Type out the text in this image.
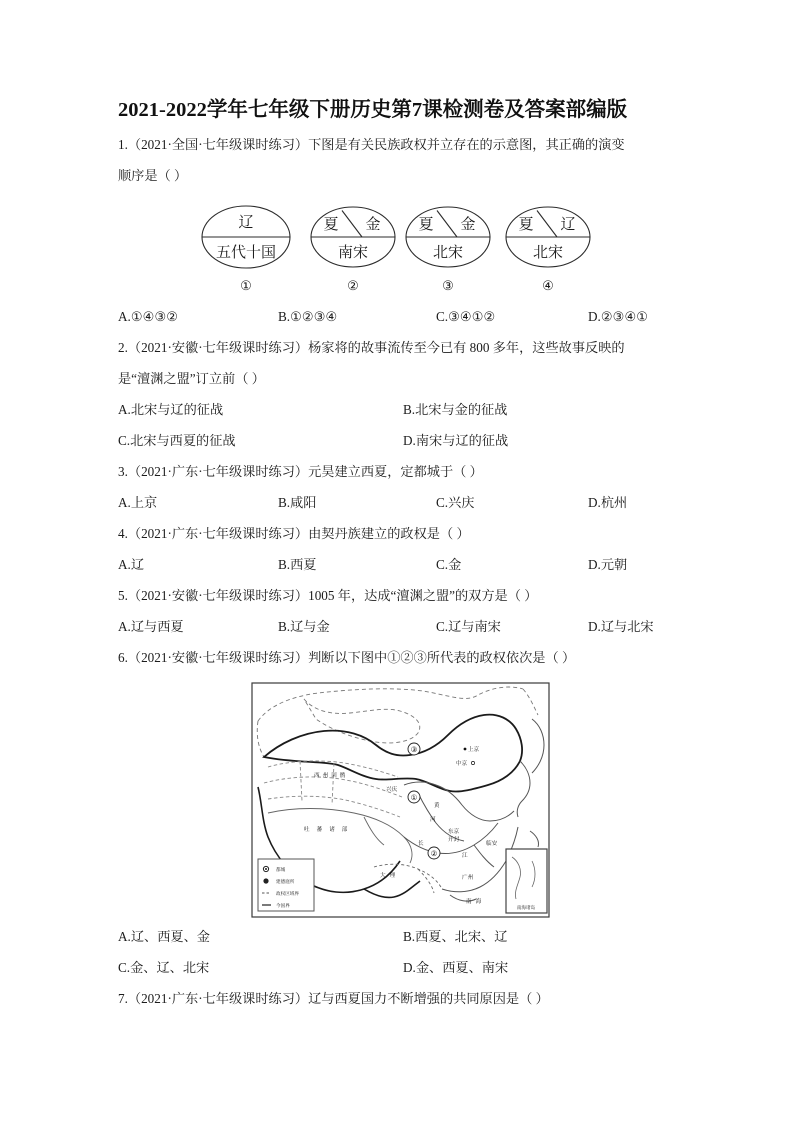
2021-2022学年七年级下册历史第7课检测卷及答案部编版
1.（2021·全国·七年级课时练习）下图是有关民族政权并立存在的示意图，其正确的演变
顺序是（ ）
辽
五代十国
夏 金
南宋
夏 金
北宋
夏 辽
北宋
①	②	③	④
A.①④③②	B.①②③④	C.③④①②	D.②③④①
2.（2021·安徽·七年级课时练习）杨家将的故事流传至今已有 800 多年，这些故事反映的
是“澶渊之盟”订立前（ ）
A.北宋与辽的征战	B.北宋与金的征战
C.北宋与西夏的征战	D.南宋与辽的征战
3.（2021·广东·七年级课时练习）元昊建立西夏，定都城于（ ）
A.上京	B.咸阳	C.兴庆	D.杭州
4.（2021·广东·七年级课时练习）由契丹族建立的政权是（ ）
A.辽	B.西夏	C.金	D.元朝
5.（2021·安徽·七年级课时练习）1005 年，达成“澶渊之盟”的双方是（ ）
A.辽与西夏	B.辽与金	C.辽与南宋	D.辽与北宋
6.（2021·安徽·七年级课时练习）判断以下图中①②③所代表的政权依次是（ ）
都城
建德庭所
政权区域界
今国界	南海诸岛
③
①
②
上京
中京
兴庆
东京
开封
西州回鹘
吐蕃诸部
大理	广州
南海
临安
黄
河
长
江
A.辽、西夏、金	B.西夏、北宋、辽
C.金、辽、北宋	D.金、西夏、南宋
7.（2021·广东·七年级课时练习）辽与西夏国力不断增强的共同原因是（ ）
